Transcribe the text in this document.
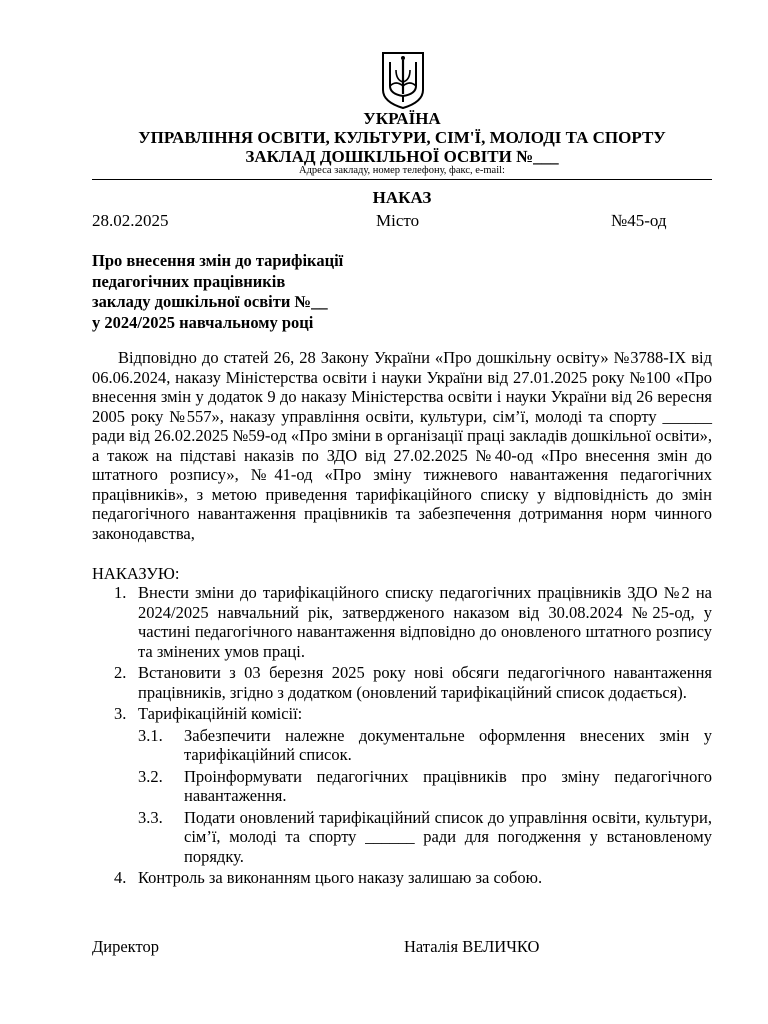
УКРАЇНА
УПРАВЛІННЯ ОСВІТИ, КУЛЬТУРИ, СІМ'Ї, МОЛОДІ ТА СПОРТУ
ЗАКЛАД ДОШКІЛЬНОЇ ОСВІТИ №___
Адреса закладу, номер телефону, факс, e-mail:
НАКАЗ
28.02.2025	Місто	№45-од
Про внесення змін до тарифікації
педагогічних працівників
закладу дошкільної освіти №__
у 2024/2025 навчальному році

Відповідно до статей 26, 28 Закону України «Про дошкільну освіту» №3788-IX від 06.06.2024, наказу Міністерства освіти і науки України від 27.01.2025 року №100 «Про внесення змін у додаток 9 до наказу Міністерства освіти і науки України від 26 вересня 2005 року №557», наказу управління освіти, культури, сім’ї, молоді та спорту ______ ради від 26.02.2025 №59-од «Про зміни в організації праці закладів дошкільної освіти», а також на підставі наказів по ЗДО від 27.02.2025 №40-од «Про внесення змін до штатного розпису», №41-од «Про зміну тижневого навантаження педагогічних працівників», з метою приведення тарифікаційного списку у відповідність до змін педагогічного навантаження працівників та забезпечення дотримання норм чинного законодавства,

НАКАЗУЮ:
1. Внести зміни до тарифікаційного списку педагогічних працівників ЗДО №2 на 2024/2025 навчальний рік, затвердженого наказом від 30.08.2024 №25-од, у частині педагогічного навантаження відповідно до оновленого штатного розпису та змінених умов праці.
2. Встановити з 03 березня 2025 року нові обсяги педагогічного навантаження працівників, згідно з додатком (оновлений тарифікаційний список додається).
3. Тарифікаційній комісії:
3.1. Забезпечити належне документальне оформлення внесених змін у тарифікаційний список.
3.2. Проінформувати педагогічних працівників про зміну педагогічного навантаження.
3.3. Подати оновлений тарифікаційний список до управління освіти, культури, сім’ї, молоді та спорту ______ ради для погодження у встановленому порядку.
4. Контроль за виконанням цього наказу залишаю за собою.
Директор	Наталія ВЕЛИЧКО
